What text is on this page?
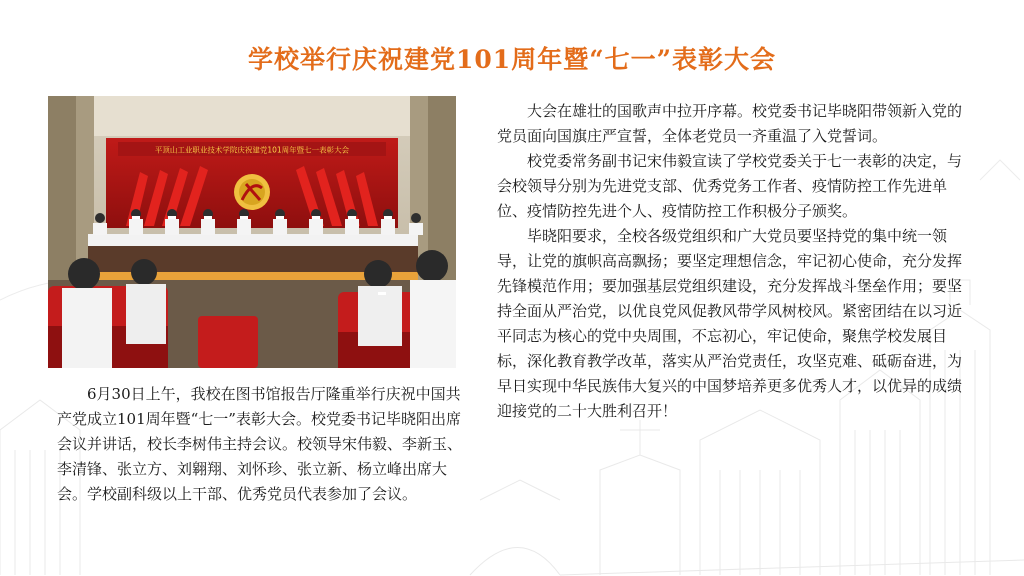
学校举行庆祝建党101周年暨“七一”表彰大会
平顶山工业职业技术学院庆祝建党101周年暨七一表彰大会

6月30日上午，我校在图书馆报告厅隆重举行庆祝中国共产党成立101周年暨“七一”表彰大会。校党委书记毕晓阳出席会议并讲话，校长李树伟主持会议。校领导宋伟毅、李新玉、李清锋、张立方、刘翱翔、刘怀珍、张立新、杨立峰出席大会。学校副科级以上干部、优秀党员代表参加了会议。

大会在雄壮的国歌声中拉开序幕。校党委书记毕晓阳带领新入党的党员面向国旗庄严宣誓，全体老党员一齐重温了入党誓词。

校党委常务副书记宋伟毅宣读了学校党委关于七一表彰的决定，与会校领导分别为先进党支部、优秀党务工作者、疫情防控工作先进单位、疫情防控先进个人、疫情防控工作积极分子颁奖。

毕晓阳要求，全校各级党组织和广大党员要坚持党的集中统一领导，让党的旗帜高高飘扬；要坚定理想信念，牢记初心使命，充分发挥先锋模范作用；要加强基层党组织建设，充分发挥战斗堡垒作用；要坚持全面从严治党，以优良党风促教风带学风树校风。紧密团结在以习近平同志为核心的党中央周围，不忘初心，牢记使命，聚焦学校发展目标，深化教育教学改革，落实从严治党责任，攻坚克难、砥砺奋进，为早日实现中华民族伟大复兴的中国梦培养更多优秀人才，以优异的成绩迎接党的二十大胜利召开！
